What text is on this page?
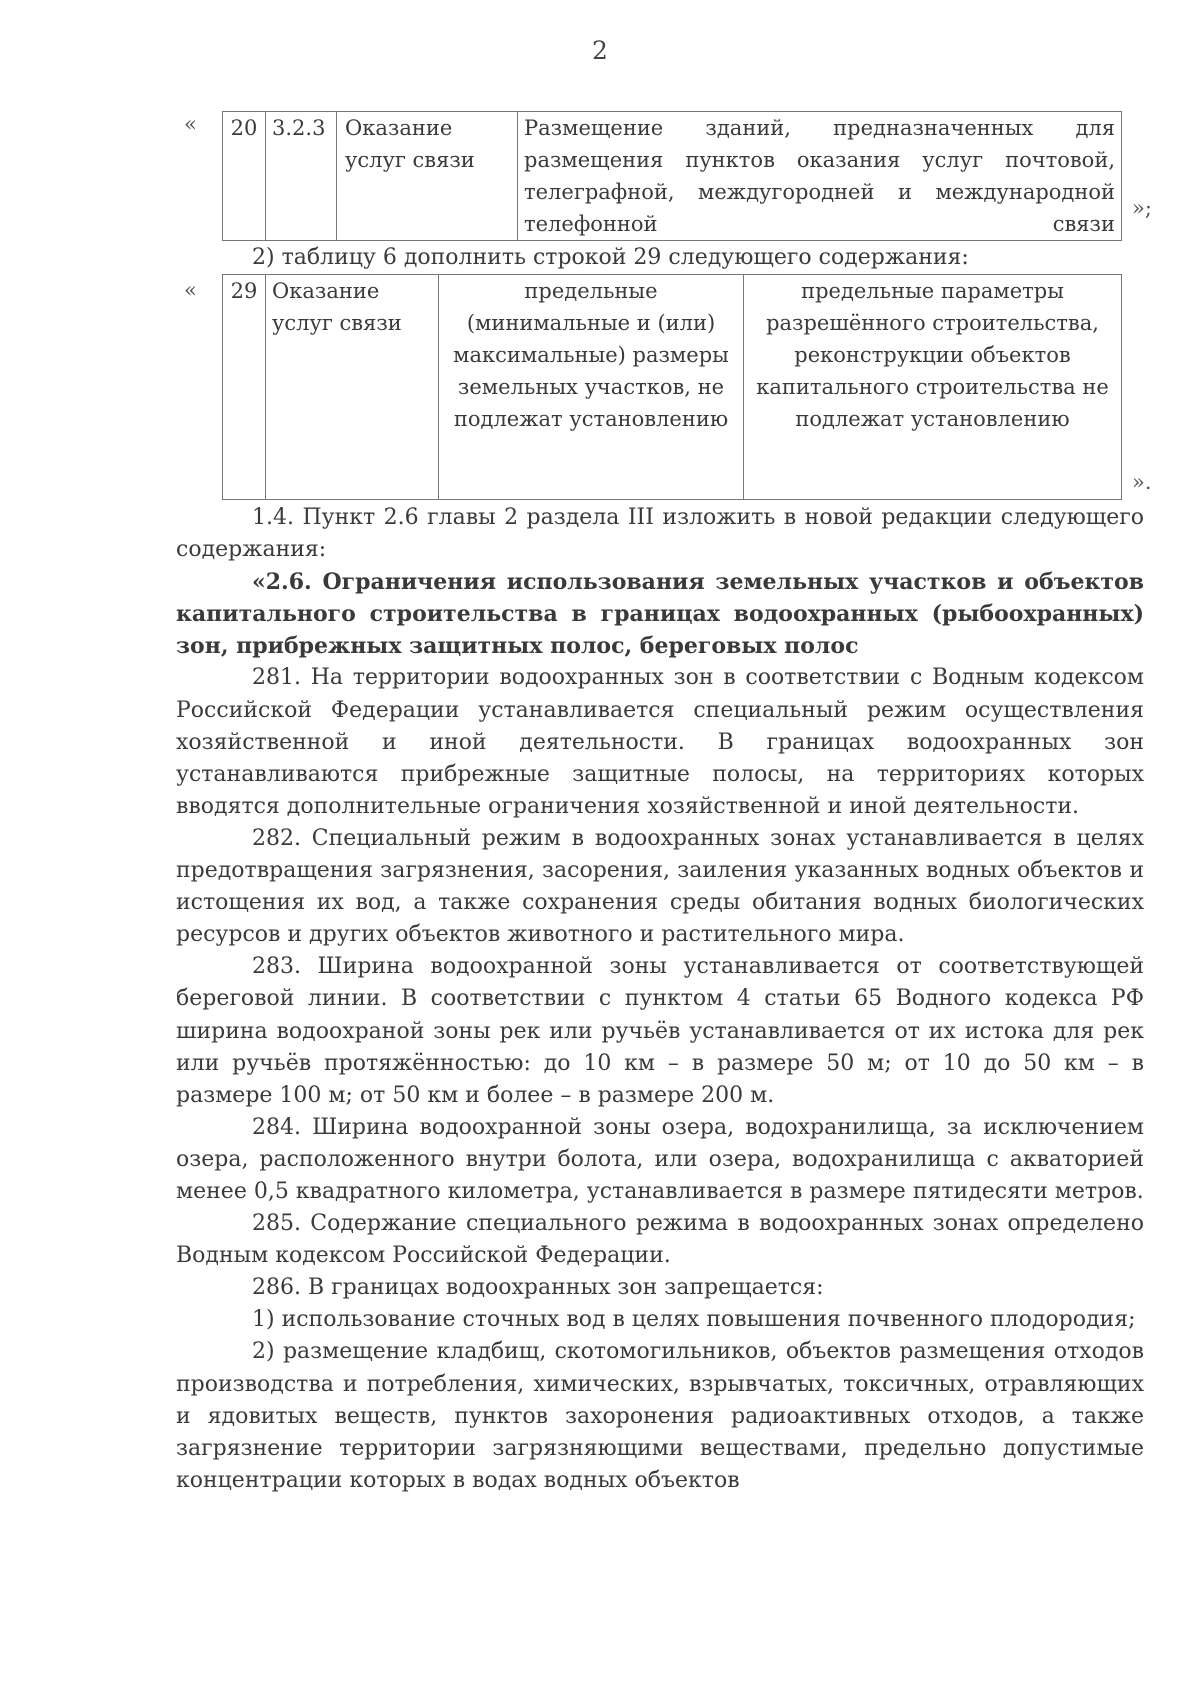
2
« 20	3.2.3	Оказание услуг связи	Размещение зданий, предназначенных для размещения пунктов оказания услуг почтовой, телеграфной, междугородней и международной телефонной связи
»;
2) таблицу 6 дополнить строкой 29 следующего содержания:
« 29	Оказание услуг связи	предельные (минимальные и (или) максимальные) размеры земельных участков, не подлежат установлению	предельные параметры разрешённого строительства, реконструкции объектов капитального строительства не подлежат установлению
».

1.4. Пункт 2.6 главы 2 раздела III изложить в новой редакции следующего содержания:

«2.6. Ограничения использования земельных участков и объектов капитального строительства в границах водоохранных (рыбоохранных) зон, прибрежных защитных полос, береговых полос

281. На территории водоохранных зон в соответствии с Водным кодексом Российской Федерации устанавливается специальный режим осуществления хозяйственной и иной деятельности. В границах водоохранных зон устанавливаются прибрежные защитные полосы, на территориях которых вводятся дополнительные ограничения хозяйственной и иной деятельности.

282. Специальный режим в водоохранных зонах устанавливается в целях предотвращения загрязнения, засорения, заиления указанных водных объектов и истощения их вод, а также сохранения среды обитания водных биологических ресурсов и других объектов животного и растительного мира.

283. Ширина водоохранной зоны устанавливается от соответствующей береговой линии. В соответствии с пунктом 4 статьи 65 Водного кодекса РФ ширина водоохраной зоны рек или ручьёв устанавливается от их истока для рек или ручьёв протяжённостью: до 10 км – в размере 50 м; от 10 до 50 км – в размере 100 м; от 50 км и более – в размере 200 м.

284. Ширина водоохранной зоны озера, водохранилища, за исключением озера, расположенного внутри болота, или озера, водохранилища с акваторией менее 0,5 квадратного километра, устанавливается в размере пятидесяти метров.

285. Содержание специального режима в водоохранных зонах определено Водным кодексом Российской Федерации.

286. В границах водоохранных зон запрещается:

1) использование сточных вод в целях повышения почвенного плодородия;

2) размещение кладбищ, скотомогильников, объектов размещения отходов производства и потребления, химических, взрывчатых, токсичных, отравляющих и ядовитых веществ, пунктов захоронения радиоактивных отходов, а также загрязнение территории загрязняющими веществами, предельно допустимые концентрации которых в водах водных объектов
